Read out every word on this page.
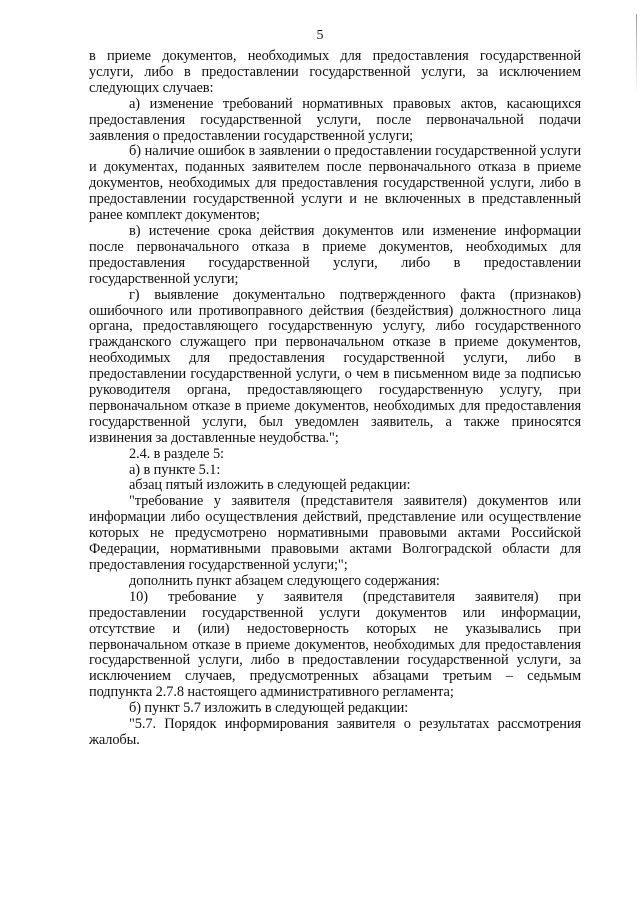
5

в приеме документов, необходимых для предоставления государственной услуги, либо в предоставлении государственной услуги, за исключением следующих случаев:

а) изменение требований нормативных правовых актов, касающихся предоставления государственной услуги, после первоначальной подачи заявления о предоставлении государственной услуги;

б) наличие ошибок в заявлении о предоставлении государственной услуги и документах, поданных заявителем после первоначального отказа в приеме документов, необходимых для предоставления государственной услуги, либо в предоставлении государственной услуги и не включенных в представленный ранее комплект документов;

в) истечение срока действия документов или изменение информации после первоначального отказа в приеме документов, необходимых для предоставления государственной услуги, либо в предоставлении государственной услуги;

г) выявление документально подтвержденного факта (признаков) ошибочного или противоправного действия (бездействия) должностного лица органа, предоставляющего государственную услугу, либо государственного гражданского служащего при первоначальном отказе в приеме документов, необходимых для предоставления государственной услуги, либо в предоставлении государственной услуги, о чем в письменном виде за подписью руководителя органа, предоставляющего государственную услугу, при первоначальном отказе в приеме документов, необходимых для предоставления государственной услуги, был уведомлен заявитель, а также приносятся извинения за доставленные неудобства.";

2.4. в разделе 5:

а) в пункте 5.1:

абзац пятый изложить в следующей редакции:

"требование у заявителя (представителя заявителя) документов или информации либо осуществления действий, представление или осуществление которых не предусмотрено нормативными правовыми актами Российской Федерации, нормативными правовыми актами Волгоградской области для предоставления государственной услуги;";

дополнить пункт абзацем следующего содержания:

10) требование у заявителя (представителя заявителя) при предоставлении государственной услуги документов или информации, отсутствие и (или) недостоверность которых не указывались при первоначальном отказе в приеме документов, необходимых для предоставления государственной услуги, либо в предоставлении государственной услуги, за исключением случаев, предусмотренных абзацами третьим – седьмым подпункта 2.7.8 настоящего административного регламента;

б) пункт 5.7 изложить в следующей редакции:

"5.7. Порядок информирования заявителя о результатах рассмотрения жалобы.
